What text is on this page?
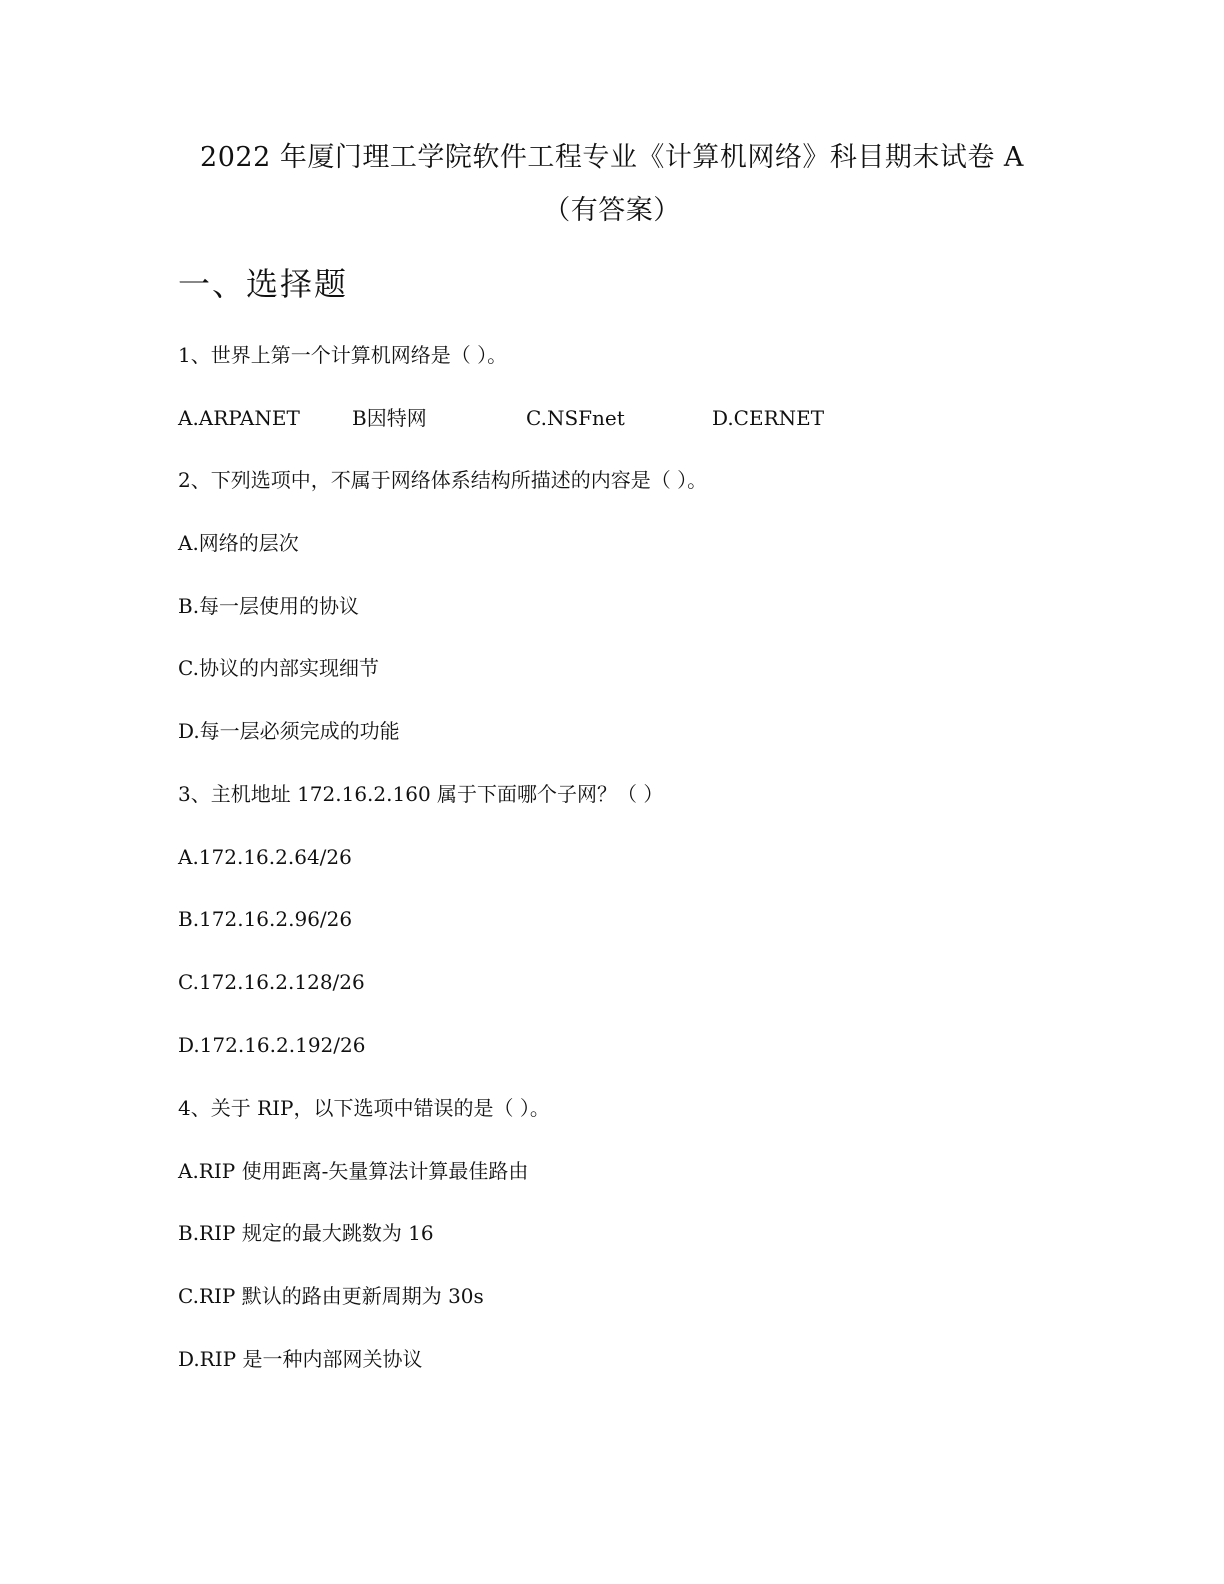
2022 年厦门理工学院软件工程专业《计算机网络》科目期末试卷 A
（有答案）
一、选择题
1、世界上第一个计算机网络是（ ）。
A.ARPANET	B因特网	C.NSFnet	D.CERNET
2、下列选项中，不属于网络体系结构所描述的内容是（ ）。
A.网络的层次
B.每一层使用的协议
C.协议的内部实现细节
D.每一层必须完成的功能
3、主机地址 172.16.2.160 属于下面哪个子网？（ ）
A.172.16.2.64/26
B.172.16.2.96/26
C.172.16.2.128/26
D.172.16.2.192/26
4、关于 RIP，以下选项中错误的是（ ）。
A.RIP 使用距离-矢量算法计算最佳路由
B.RIP 规定的最大跳数为 16
C.RIP 默认的路由更新周期为 30s
D.RIP 是一种内部网关协议
